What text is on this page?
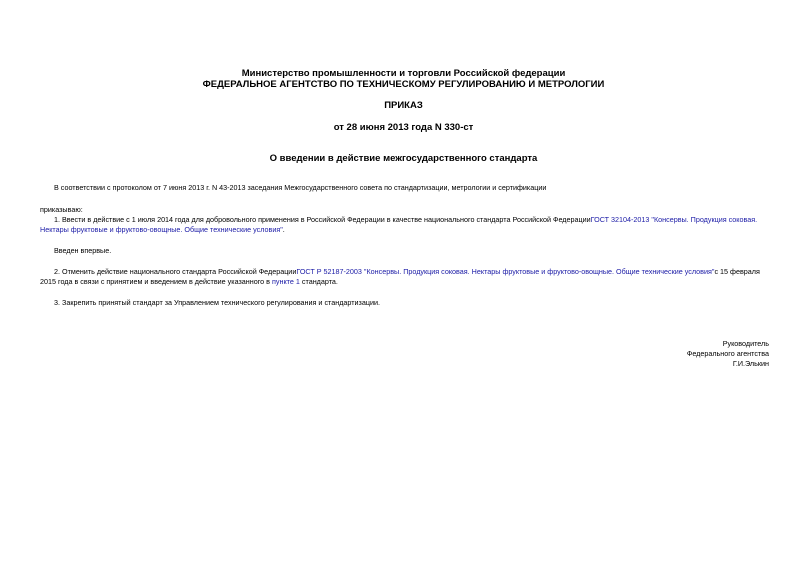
Министерство промышленности и торговли Российской федерации
ФЕДЕРАЛЬНОЕ АГЕНТСТВО ПО ТЕХНИЧЕСКОМУ РЕГУЛИРОВАНИЮ И МЕТРОЛОГИИ
ПРИКАЗ
от 28 июня 2013 года N 330-ст
О введении в действие межгосударственного стандарта
В соответствии с протоколом от 7 июня 2013 г. N 43-2013 заседания Межгосударственного совета по стандартизации, метрологии и сертификации
приказываю:
1. Ввести в действие с 1 июля 2014 года для добровольного применения в Российской Федерации в качестве национального стандарта Российской ФедерацииГОСТ 32104-2013 "Консервы. Продукция соковая.
Нектары фруктовые и фруктово-овощные. Общие технические условия".
Введен впервые.
2. Отменить действие национального стандарта Российской ФедерацииГОСТ Р 52187-2003 "Консервы. Продукция соковая. Нектары фруктовые и фруктово-овощные. Общие технические условия"с 15 февраля
2015 года в связи с принятием и введением в действие указанного в пункте 1 стандарта.
3. Закрепить принятый стандарт за Управлением технического регулирования и стандартизации.
Руководитель
Федерального агентства
Г.И.Элькин
